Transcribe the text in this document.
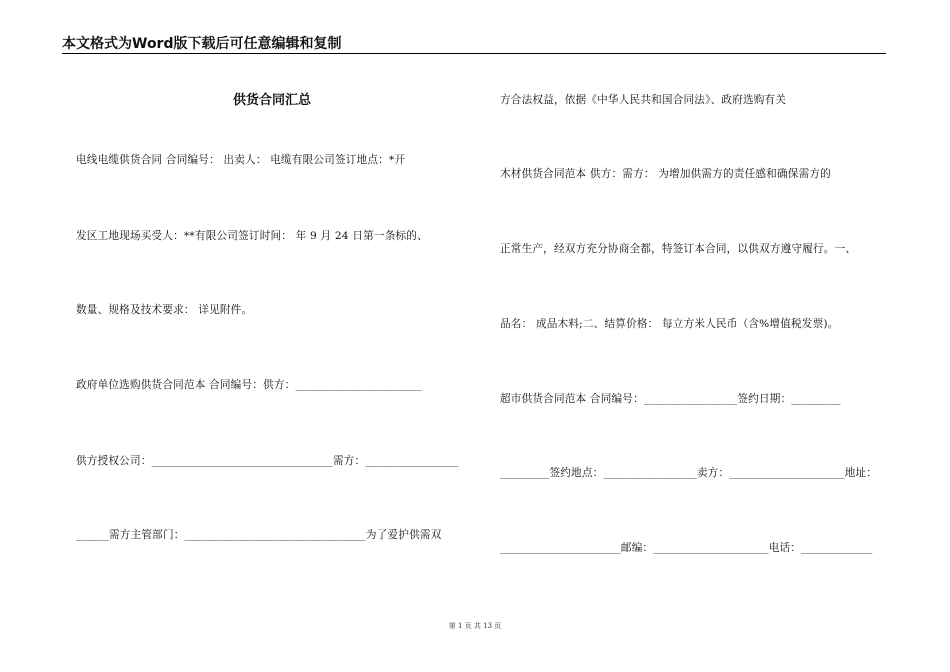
本文格式为Word版下载后可任意编辑和复制
供货合同汇总
电线电缆供货合同 合同编号： 出卖人： 电缆有限公司签订地点：*开
发区工地现场买受人：**有限公司签订时间： 年 9 月 24 日第一条标的、
数量、规格及技术要求： 详见附件。
政府单位选购供货合同范本 合同编号：供方：_______________________
供方授权公司：_________________________________需方：_________________
______需方主管部门：_________________________________为了爱护供需双
方合法权益，依据《中华人民共和国合同法》、政府选购有关
木材供货合同范本 供方：需方： 为增加供需方的责任感和确保需方的
正常生产，经双方充分协商全都，特签订本合同，以供双方遵守履行。一、
品名： 成品木料;二、结算价格： 每立方米人民币（含%增值税发票)。
超市供货合同范本 合同编号：_________________签约日期：_________
_________签约地点：_________________卖方：_____________________地址：
______________________邮编：_____________________电话：_____________
第 1 页 共 13 页
